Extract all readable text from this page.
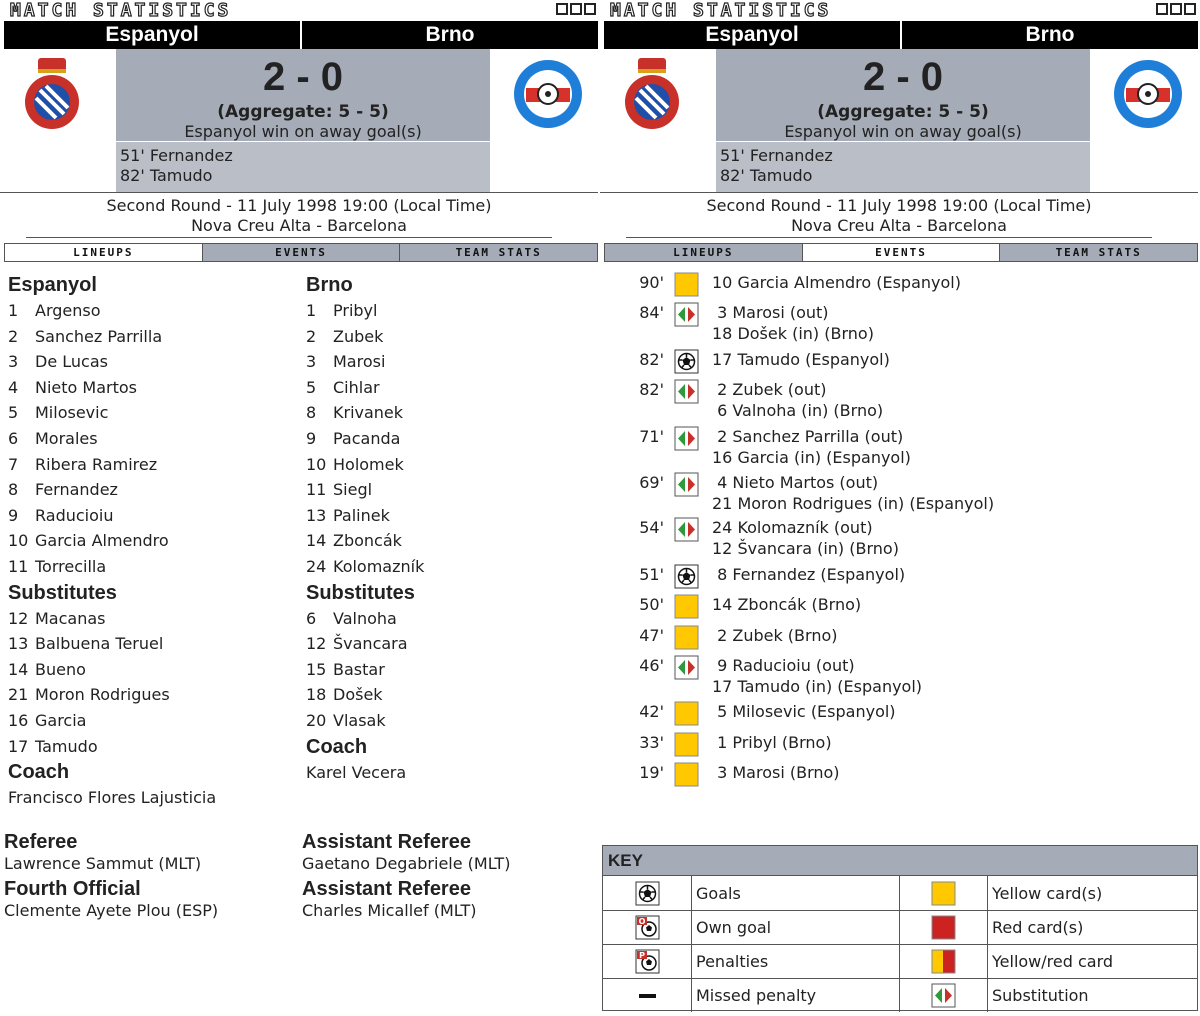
MATCH STATISTICS
Espanyol	Brno
2 - 0
(Aggregate: 5 - 5)
Espanyol win on away goal(s)
51' Fernandez
82' Tamudo
Second Round - 11 July 1998 19:00 (Local Time)
Nova Creu Alta - Barcelona
LINEUPS	EVENTS	TEAM STATS
Espanyol
1 Argenso
2 Sanchez Parrilla
3 De Lucas
4 Nieto Martos
5 Milosevic
6 Morales
7 Ribera Ramirez
8 Fernandez
9 Raducioiu
10 Garcia Almendro
11 Torrecilla
Substitutes
12 Macanas
13 Balbuena Teruel
14 Bueno
21 Moron Rodrigues
16 Garcia
17 Tamudo
Coach
Francisco Flores Lajusticia
Brno
1 Pribyl
2 Zubek
3 Marosi
5 Cihlar
8 Krivanek
9 Pacanda
10 Holomek
11 Siegl
13 Palinek
14 Zboncák
24 Kolomazník
Substitutes
6 Valnoha
12 Švancara
15 Bastar
18 Došek
20 Vlasak
Coach
Karel Vecera
Referee
Lawrence Sammut (MLT)
Fourth Official
Clemente Ayete Plou (ESP)
Assistant Referee
Gaetano Degabriele (MLT)
Assistant Referee
Charles Micallef (MLT)
MATCH STATISTICS
Espanyol	Brno
2 - 0
(Aggregate: 5 - 5)
Espanyol win on away goal(s)
51' Fernandez
82' Tamudo
Second Round - 11 July 1998 19:00 (Local Time)
Nova Creu Alta - Barcelona
LINEUPS	EVENTS	TEAM STATS
90'	10 Garcia Almendro (Espanyol)
84'	3 Marosi (out)
18 Došek (in) (Brno)
82'	17 Tamudo (Espanyol)
82'	2 Zubek (out)
6 Valnoha (in) (Brno)
71'	2 Sanchez Parrilla (out)
16 Garcia (in) (Espanyol)
69'	4 Nieto Martos (out)
21 Moron Rodrigues (in) (Espanyol)
54'	24 Kolomazník (out)
12 Švancara (in) (Brno)
51'	8 Fernandez (Espanyol)
50'	14 Zboncák (Brno)
47'	2 Zubek (Brno)
46'	9 Raducioiu (out)
17 Tamudo (in) (Espanyol)
42'	5 Milosevic (Espanyol)
33'	1 Pribyl (Brno)
19'	3 Marosi (Brno)
KEY
Goals	Yellow card(s)
O	Own goal	Red card(s)
P	Penalties	Yellow/red card
Missed penalty	Substitution
